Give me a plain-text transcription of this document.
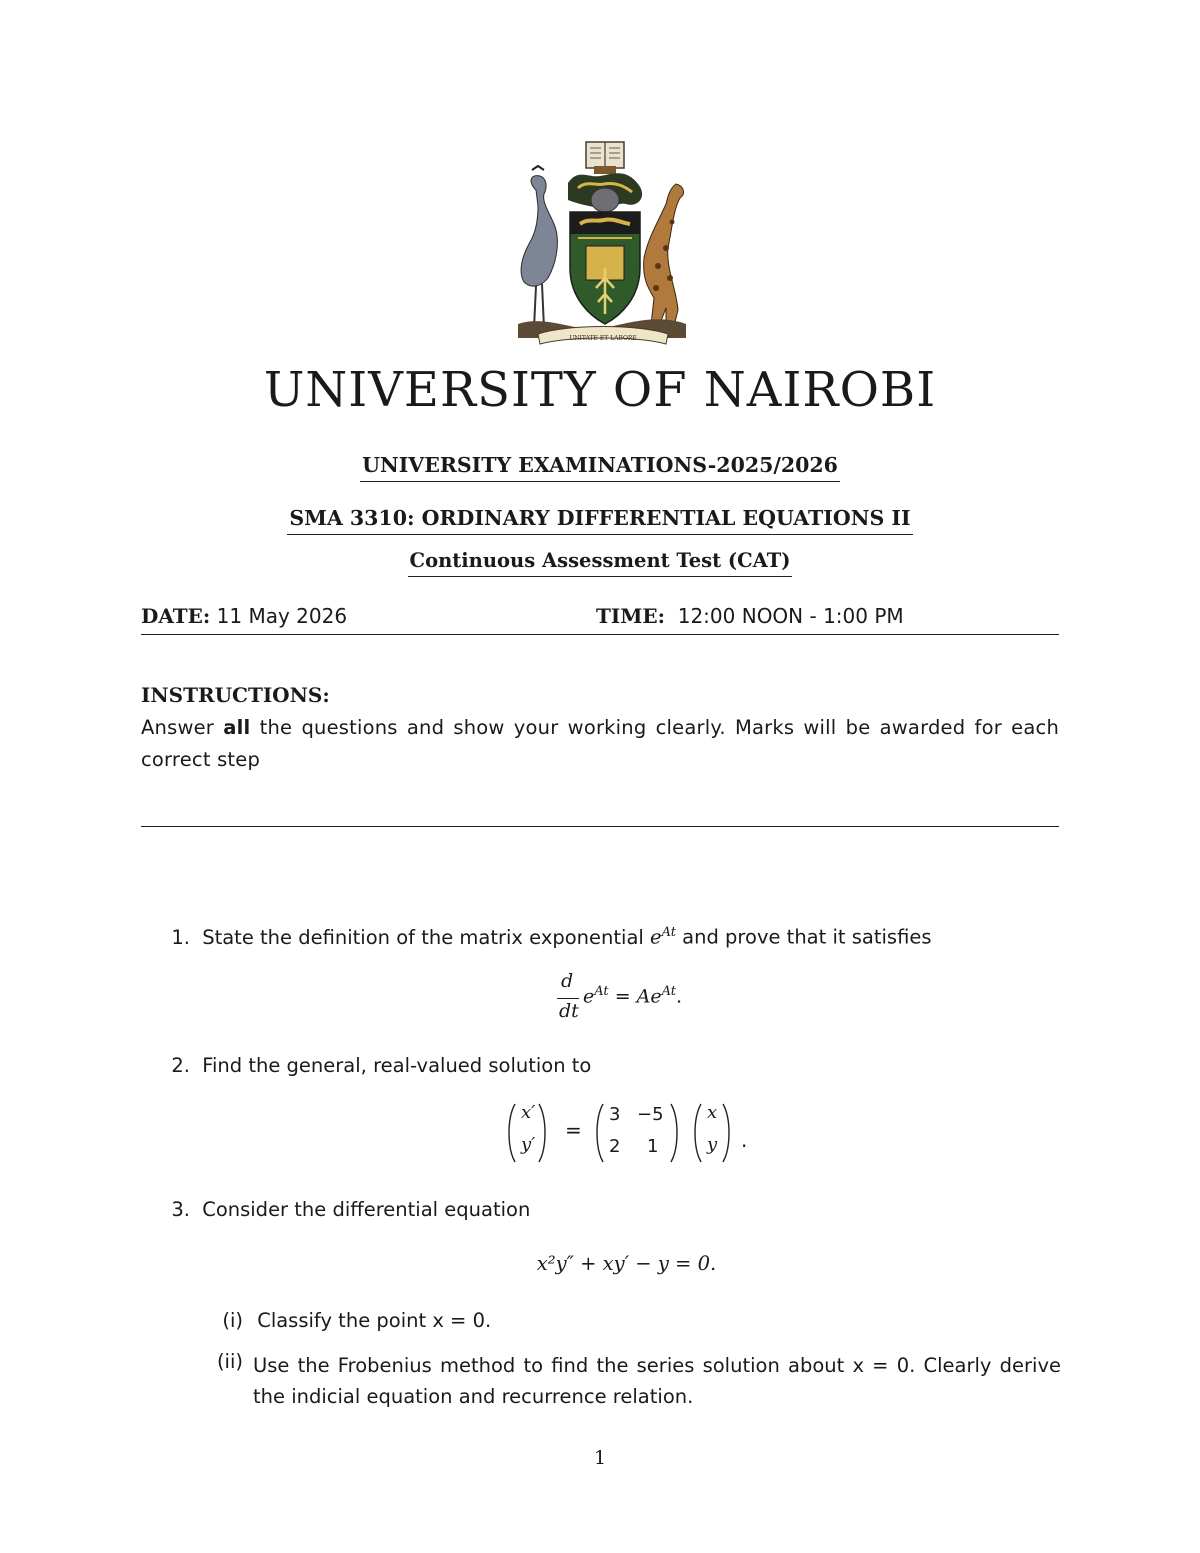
UNITATE ET LABORE
UNIVERSITY OF NAIROBI
UNIVERSITY EXAMINATIONS-2025/2026
SMA 3310: ORDINARY DIFFERENTIAL EQUATIONS II
Continuous Assessment Test (CAT)
DATE: 11 May 2026	TIME: 12:00 NOON - 1:00 PM
INSTRUCTIONS:
Answer all the questions and show your working clearly. Marks will be awarded for each correct step
1. State the definition of the matrix exponential $e^{At}$ and prove that it satisfies
d
dt
$e^{At} = Ae^{At}$.
2. Find the general, real-valued solution to
x′
y′
=
3 −5
2 1
x
y .
3. Consider the differential equation
x²y″ + xy′ − y = 0.
(i) Classify the point x = 0.
(ii) Use the Frobenius method to find the series solution about x = 0. Clearly derive the indicial equation and recurrence relation.
1
